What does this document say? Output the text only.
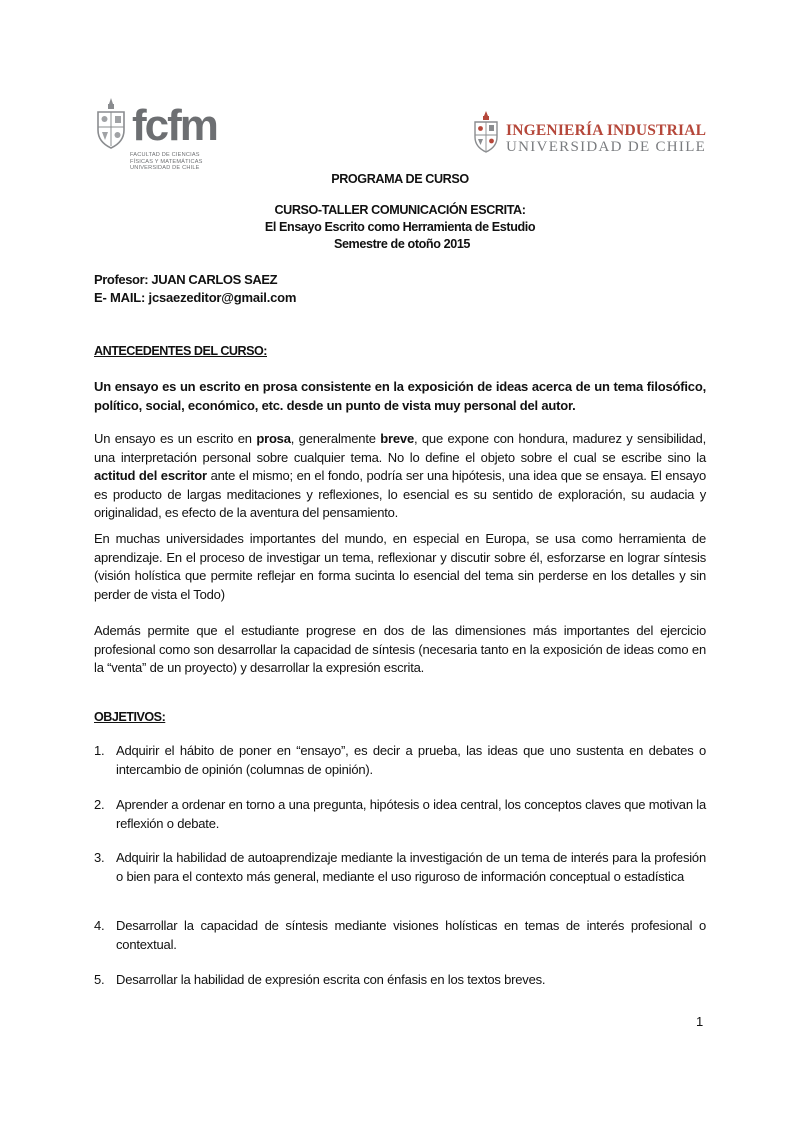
fcfm
FACULTAD DE CIENCIAS
FÍSICAS Y MATEMÁTICAS
UNIVERSIDAD DE CHILE
INGENIERÍA INDUSTRIAL
UNIVERSIDAD DE CHILE
PROGRAMA DE CURSO
CURSO-TALLER COMUNICACIÓN ESCRITA:
El Ensayo Escrito como Herramienta de Estudio
Semestre de otoño 2015
Profesor: JUAN CARLOS SAEZ
E- MAIL: jcsaezeditor@gmail.com
ANTECEDENTES DEL CURSO:
Un ensayo es un escrito en prosa consistente en la exposición de ideas acerca de un tema filosófico, político, social, económico, etc. desde un punto de vista muy personal del autor.
Un ensayo es un escrito en prosa, generalmente breve, que expone con hondura, madurez y sensibilidad, una interpretación personal sobre cualquier tema. No lo define el objeto sobre el cual se escribe sino la actitud del escritor ante el mismo; en el fondo, podría ser una hipótesis, una idea que se ensaya. El ensayo es producto de largas meditaciones y reflexiones, lo esencial es su sentido de exploración, su audacia y originalidad, es efecto de la aventura del pensamiento.
En muchas universidades importantes del mundo, en especial en Europa, se usa como herramienta de aprendizaje. En el proceso de investigar un tema, reflexionar y discutir sobre él, esforzarse en lograr síntesis (visión holística que permite reflejar en forma sucinta lo esencial del tema sin perderse en los detalles y sin perder de vista el Todo)
Además permite que el estudiante progrese en dos de las dimensiones más importantes del ejercicio profesional como son desarrollar la capacidad de síntesis (necesaria tanto en la exposición de ideas como en la “venta” de un proyecto) y desarrollar la expresión escrita.
OBJETIVOS:
1. Adquirir el hábito de poner en “ensayo”, es decir a prueba, las ideas que uno sustenta en debates o intercambio de opinión (columnas de opinión).
2. Aprender a ordenar en torno a una pregunta, hipótesis o idea central, los conceptos claves que motivan la reflexión o debate.
3. Adquirir la habilidad de autoaprendizaje mediante la investigación de un tema de interés para la profesión o bien para el contexto más general, mediante el uso riguroso de información conceptual o estadística
4. Desarrollar la capacidad de síntesis mediante visiones holísticas en temas de interés profesional o contextual.
5. Desarrollar la habilidad de expresión escrita con énfasis en los textos breves.
1
